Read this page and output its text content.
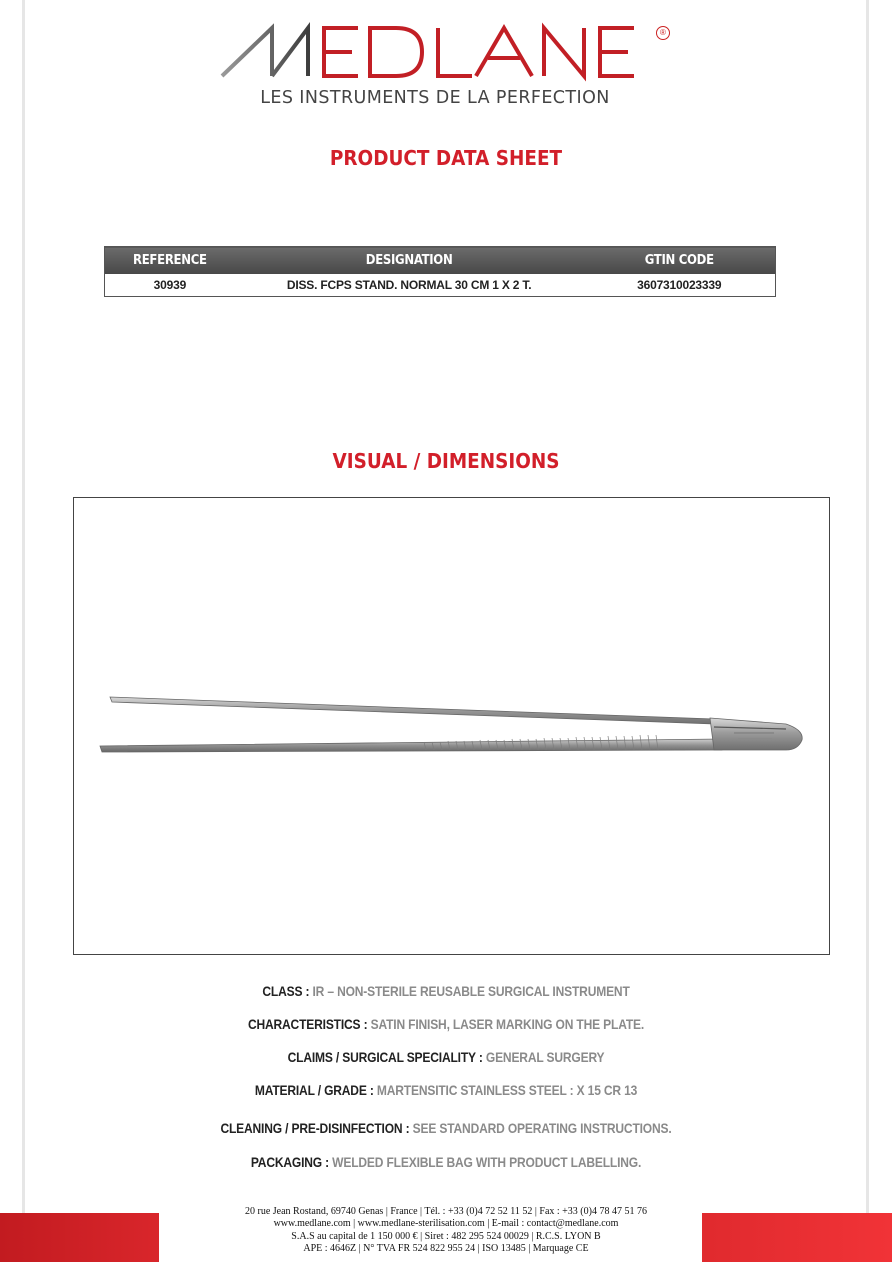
®
LES INSTRUMENTS DE LA PERFECTION
PRODUCT DATA SHEET
REFERENCE	DESIGNATION	GTIN CODE
30939	DISS. FCPS STAND. NORMAL 30 CM 1 X 2 T.	3607310023339
VISUAL / DIMENSIONS
CLASS : IR – NON-STERILE REUSABLE SURGICAL INSTRUMENT
CHARACTERISTICS : SATIN FINISH, LASER MARKING ON THE PLATE.
CLAIMS / SURGICAL SPECIALITY : GENERAL SURGERY
MATERIAL / GRADE : MARTENSITIC STAINLESS STEEL : X 15 CR 13
CLEANING / PRE-DISINFECTION : SEE STANDARD OPERATING INSTRUCTIONS.
PACKAGING : WELDED FLEXIBLE BAG WITH PRODUCT LABELLING.
20 rue Jean Rostand, 69740 Genas | France | Tél. : +33 (0)4 72 52 11 52 | Fax : +33 (0)4 78 47 51 76
www.medlane.com | www.medlane-sterilisation.com | E-mail : contact@medlane.com
S.A.S au capital de 1 150 000 € | Siret : 482 295 524 00029 | R.C.S. LYON B
APE : 4646Z | N° TVA FR 524 822 955 24 | ISO 13485 | Marquage CE
